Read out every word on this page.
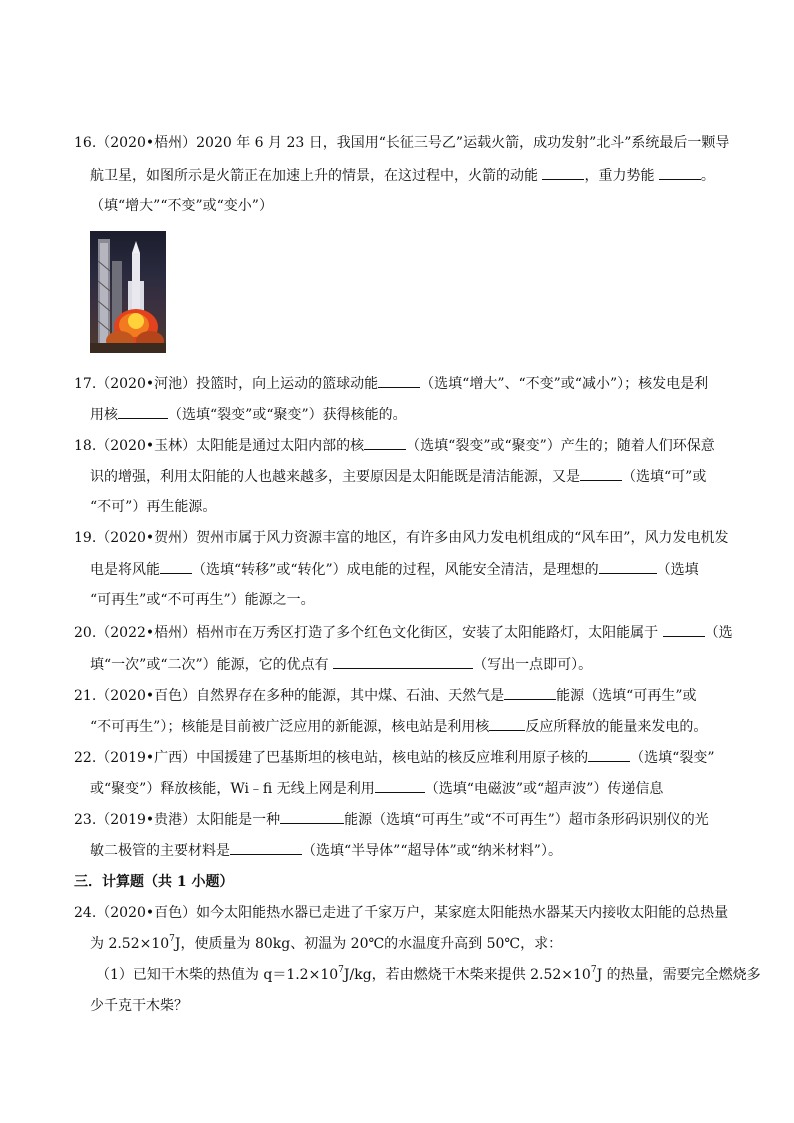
16.（2020•梧州）2020 年 6 月 23 日，我国用“长征三号乙”运载火箭，成功发射”北斗”系统最后一颗导
航卫星，如图所示是火箭正在加速上升的情景，在这过程中，火箭的动能	，重力势能	。
（填“增大”“不变”或“变小”）
17.（2020•河池）投篮时，向上运动的篮球动能	（选填“增大”、“不变”或“减小”）；核发电是利
用核	（选填“裂变”或“聚变”）获得核能的。
18.（2020•玉林）太阳能是通过太阳内部的核	（选填“裂变”或“聚变”）产生的；随着人们环保意
识的增强，利用太阳能的人也越来越多，主要原因是太阳能既是清洁能源，又是	（选填“可”或
“不可”）再生能源。
19.（2020•贺州）贺州市属于风力资源丰富的地区，有许多由风力发电机组成的“风车田”，风力发电机发
电是将风能 （选填“转移”或“转化”）成电能的过程，风能安全清洁，是理想的	（选填
“可再生”或“不可再生”）能源之一。
20.（2022•梧州）梧州市在万秀区打造了多个红色文化街区，安装了太阳能路灯，太阳能属于	（选
填“一次”或“二次”）能源，它的优点有	（写出一点即可）。
21.（2020•百色）自然界存在多种的能源，其中煤、石油、天然气是	能源（选填“可再生”或
“不可再生”）；核能是目前被广泛应用的新能源，核电站是利用核	反应所释放的能量来发电的。
22.（2019•广西）中国援建了巴基斯坦的核电站，核电站的核反应堆利用原子核的	（选填“裂变”
或“聚变”）释放核能，Wi﹣fi 无线上网是利用	（选填“电磁波”或“超声波”）传递信息
23.（2019•贵港）太阳能是一种	能源（选填“可再生”或“不可再生”）超市条形码识别仪的光
敏二极管的主要材料是	（选填“半导体”“超导体”或“纳米材料”）。
三．计算题（共 1 小题）
24.（2020•百色）如今太阳能热水器已走进了千家万户，某家庭太阳能热水器某天内接收太阳能的总热量
为 $2.52\times 10^7J$，使质量为 80kg、初温为 20℃的水温度升高到 50℃，求：
（1）已知干木柴的热值为 $q=1.2\times 10^7J/kg$，若由燃烧干木柴来提供 $2.52\times 10^7J$ 的热量，需要完全燃烧多
少千克干木柴？
